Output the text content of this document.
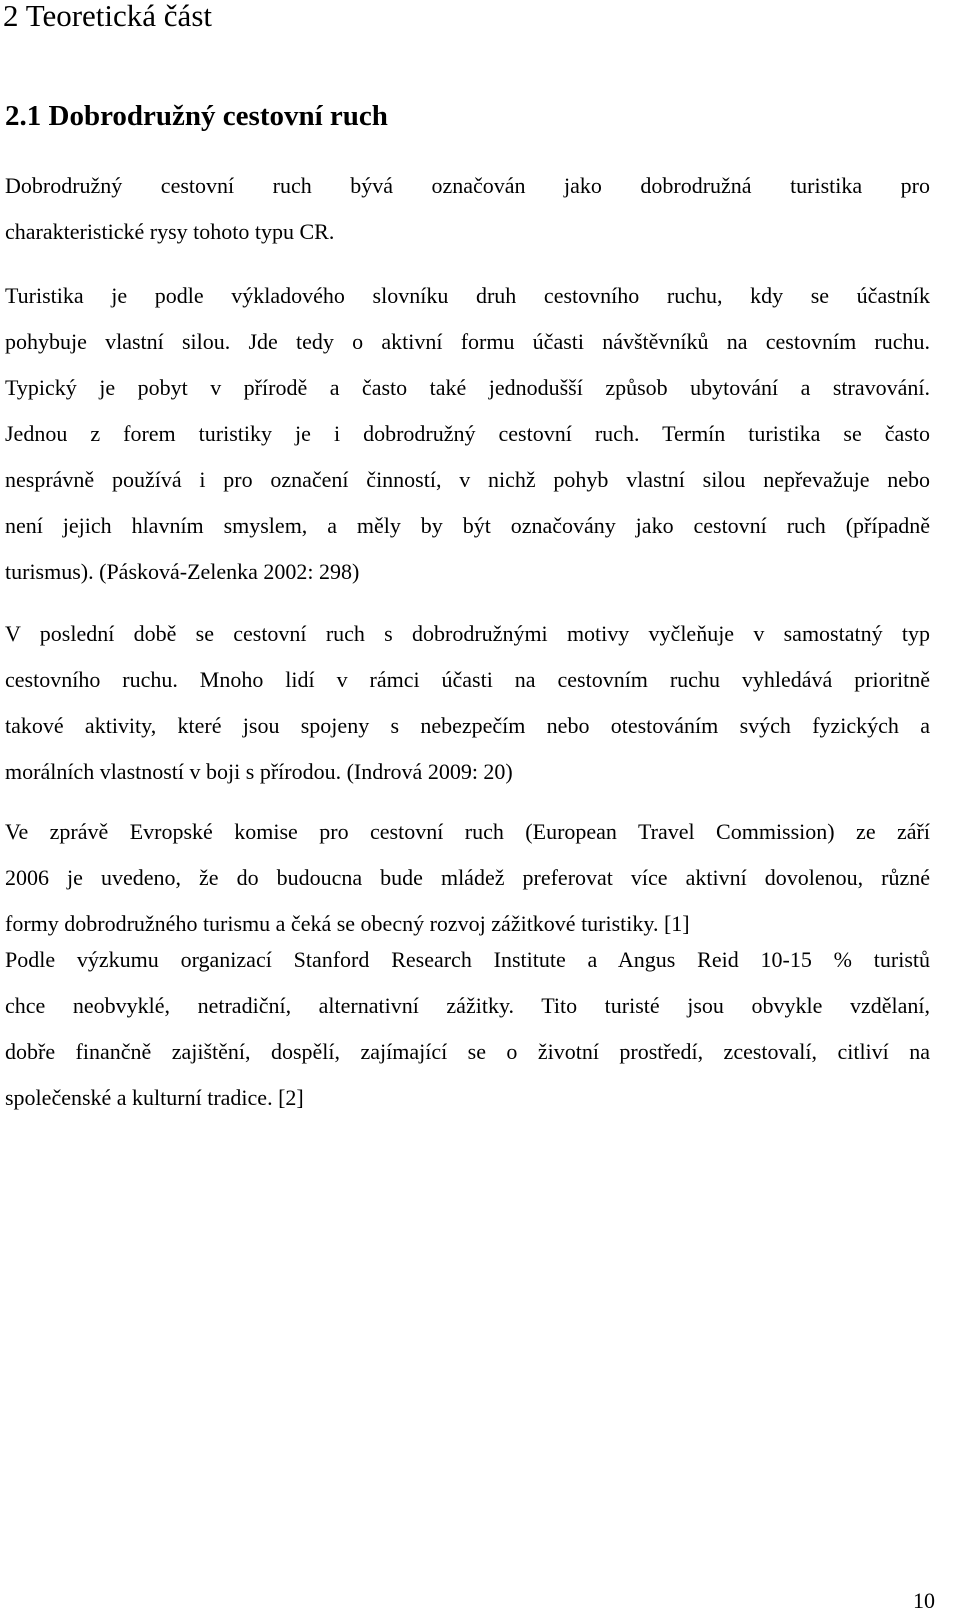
2 Teoretická část
2.1 Dobrodružný cestovní ruch
Dobrodružný cestovní ruch bývá označován jako dobrodružná turistika pro
charakteristické rysy tohoto typu CR.
Turistika je podle výkladového slovníku druh cestovního ruchu, kdy se účastník
pohybuje vlastní silou. Jde tedy o aktivní formu účasti návštěvníků na cestovním ruchu.
Typický je pobyt v přírodě a často také jednodušší způsob ubytování a stravování.
Jednou z forem turistiky je i dobrodružný cestovní ruch. Termín turistika se často
nesprávně používá i pro označení činností, v nichž pohyb vlastní silou nepřevažuje nebo
není jejich hlavním smyslem, a měly by být označovány jako cestovní ruch (případně
turismus). (Pásková-Zelenka 2002: 298)
V poslední době se cestovní ruch s dobrodružnými motivy vyčleňuje v samostatný typ
cestovního ruchu. Mnoho lidí v rámci účasti na cestovním ruchu vyhledává prioritně
takové aktivity, které jsou spojeny s nebezpečím nebo otestováním svých fyzických a
morálních vlastností v boji s přírodou. (Indrová 2009: 20)
Ve zprávě Evropské komise pro cestovní ruch (European Travel Commission) ze září
2006 je uvedeno, že do budoucna bude mládež preferovat více aktivní dovolenou, různé
formy dobrodružného turismu a čeká se obecný rozvoj zážitkové turistiky. [1]
Podle výzkumu organizací Stanford Research Institute a Angus Reid 10-15 % turistů
chce neobvyklé, netradiční, alternativní zážitky. Tito turisté jsou obvykle vzdělaní,
dobře finančně zajištění, dospělí, zajímající se o životní prostředí, zcestovalí, citliví na
společenské a kulturní tradice. [2]
10
